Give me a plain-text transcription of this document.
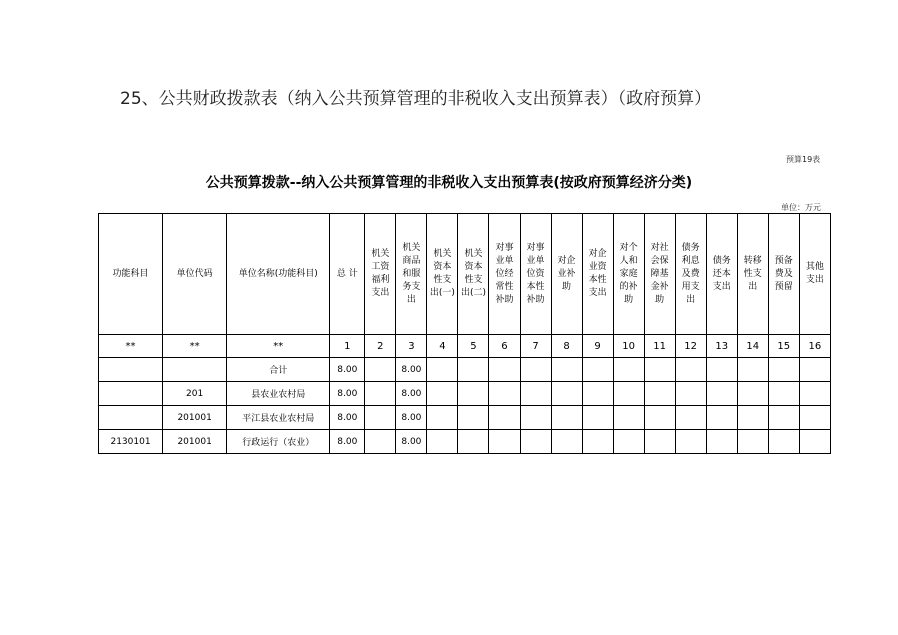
25、公共财政拨款表（纳入公共预算管理的非税收入支出预算表）（政府预算）
预算19表
公共预算拨款--纳入公共预算管理的非税收入支出预算表(按政府预算经济分类)
单位：万元
功能科目	单位代码	单位名称(功能科目)	总 计	机关工资福利支出	机关商品和服务支出	机关资本性支出(一)	机关资本性支出(二)	对事业单位经常性补助	对事业单位资本性补助	对企业补助	对企业资本性支出	对个人和家庭的补助	对社会保障基金补助	债务利息及费用支出	债务还本支出	转移性支出	预备费及预留	其他支出
**	**	**	1	2	3	4	5	6	7	8	9	10	11	12	13	14	15	16
		合计	8.00		8.00													
	201	县农业农村局	8.00		8.00													
	201001	平江县农业农村局	8.00		8.00													
2130101	201001	行政运行（农业）	8.00		8.00													
